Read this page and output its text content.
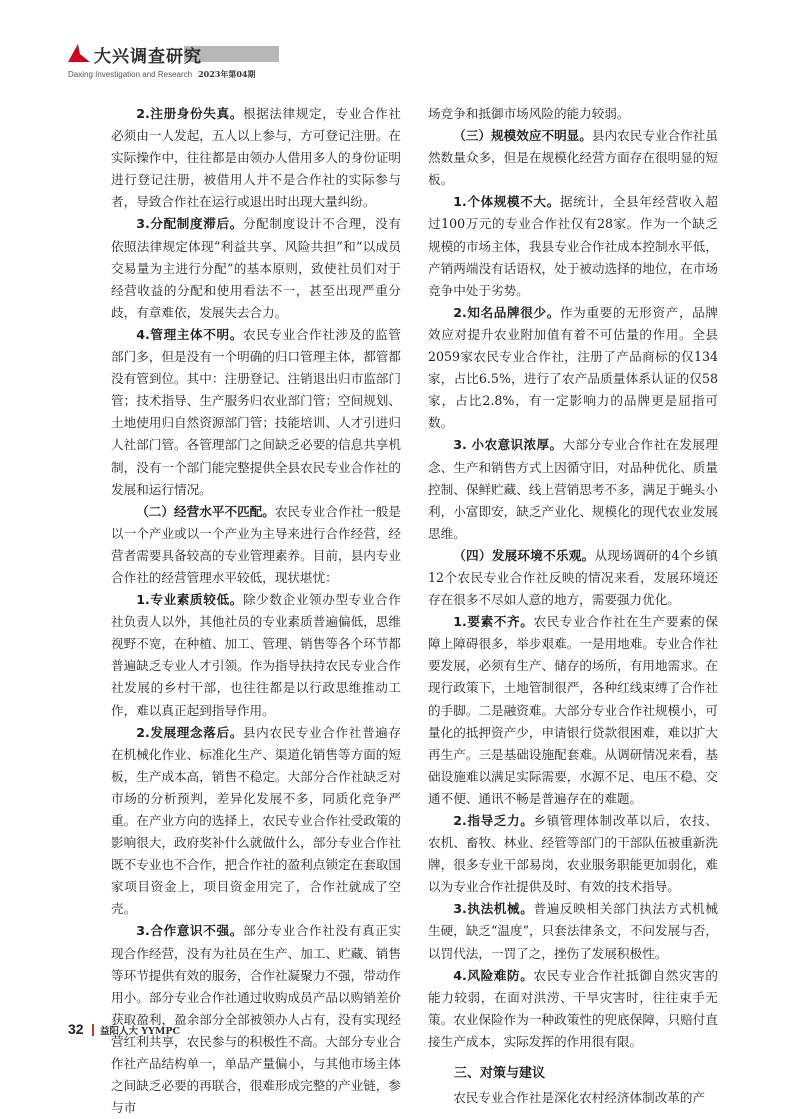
大兴调查研究
Daxing Investigation and Research 2023年第04期

2.注册身份失真。根据法律规定，专业合作社必须由一人发起，五人以上参与，方可登记注册。在实际操作中，往往都是由领办人借用多人的身份证明进行登记注册，被借用人并不是合作社的实际参与者，导致合作社在运行或退出时出现大量纠纷。

3.分配制度滞后。分配制度设计不合理，没有依照法律规定体现“利益共享、风险共担”和“以成员交易量为主进行分配”的基本原则，致使社员们对于经营收益的分配和使用看法不一，甚至出现严重分歧，有章难依，发展失去合力。

4.管理主体不明。农民专业合作社涉及的监管部门多，但是没有一个明确的归口管理主体，都管都没有管到位。其中：注册登记、注销退出归市监部门管；技术指导、生产服务归农业部门管；空间规划、土地使用归自然资源部门管；技能培训、人才引进归人社部门管。各管理部门之间缺乏必要的信息共享机制，没有一个部门能完整提供全县农民专业合作社的发展和运行情况。

（二）经营水平不匹配。农民专业合作社一般是以一个产业或以一个产业为主导来进行合作经营，经营者需要具备较高的专业管理素养。目前，县内专业合作社的经营管理水平较低，现状堪忧：

1.专业素质较低。除少数企业领办型专业合作社负责人以外，其他社员的专业素质普遍偏低，思维视野不宽，在种植、加工、管理、销售等各个环节都普遍缺乏专业人才引领。作为指导扶持农民专业合作社发展的乡村干部，也往往都是以行政思维推动工作，难以真正起到指导作用。

2.发展理念落后。县内农民专业合作社普遍存在机械化作业、标准化生产、渠道化销售等方面的短板，生产成本高，销售不稳定。大部分合作社缺乏对市场的分析预判，差异化发展不多，同质化竞争严重。在产业方向的选择上，农民专业合作社受政策的影响很大，政府奖补什么就做什么，部分专业合作社既不专业也不合作，把合作社的盈利点锁定在套取国家项目资金上，项目资金用完了，合作社就成了空壳。

3.合作意识不强。部分专业合作社没有真正实现合作经营，没有为社员在生产、加工、贮藏、销售等环节提供有效的服务，合作社凝聚力不强，带动作用小。部分专业合作社通过收购成员产品以购销差价获取盈利，盈余部分全部被领办人占有，没有实现经营红利共享，农民参与的积极性不高。大部分专业合作社产品结构单一，单品产量偏小，与其他市场主体之间缺乏必要的再联合，很难形成完整的产业链，参与市

场竞争和抵御市场风险的能力较弱。

（三）规模效应不明显。县内农民专业合作社虽然数量众多，但是在规模化经营方面存在很明显的短板。

1.个体规模不大。据统计，全县年经营收入超过100万元的专业合作社仅有28家。作为一个缺乏规模的市场主体，我县专业合作社成本控制水平低，产销两端没有话语权，处于被动选择的地位，在市场竞争中处于劣势。

2.知名品牌很少。作为重要的无形资产，品牌效应对提升农业附加值有着不可估量的作用。全县2059家农民专业合作社，注册了产品商标的仅134家，占比6.5%，进行了农产品质量体系认证的仅58家，占比2.8%，有一定影响力的品牌更是屈指可数。

3. 小农意识浓厚。大部分专业合作社在发展理念、生产和销售方式上因循守旧，对品种优化、质量控制、保鲜贮藏、线上营销思考不多，满足于蝇头小利，小富即安，缺乏产业化、规模化的现代农业发展思维。

（四）发展环境不乐观。从现场调研的4个乡镇12个农民专业合作社反映的情况来看，发展环境还存在很多不尽如人意的地方，需要强力优化。

1.要素不齐。农民专业合作社在生产要素的保障上障碍很多，举步艰难。一是用地难。专业合作社要发展，必须有生产、储存的场所，有用地需求。在现行政策下，土地管制很严，各种红线束缚了合作社的手脚。二是融资难。大部分专业合作社规模小，可量化的抵押资产少，申请银行贷款很困难，难以扩大再生产。三是基础设施配套难。从调研情况来看，基础设施难以满足实际需要，水源不足、电压不稳、交通不便、通讯不畅是普遍存在的难题。

2.指导乏力。乡镇管理体制改革以后，农技、农机、畜牧、林业、经管等部门的干部队伍被重新洗牌，很多专业干部易岗，农业服务职能更加弱化，难以为专业合作社提供及时、有效的技术指导。

3.执法机械。普遍反映相关部门执法方式机械生硬，缺乏“温度”，只套法律条文，不问发展与否，以罚代法，一罚了之，挫伤了发展积极性。

4.风险难防。农民专业合作社抵御自然灾害的能力较弱，在面对洪涝、干旱灾害时，往往束手无策。农业保险作为一种政策性的兜底保障，只赔付直接生产成本，实际发挥的作用很有限。

三、对策与建议

农民专业合作社是深化农村经济体制改革的产

32 益阳人大 YYMPC
